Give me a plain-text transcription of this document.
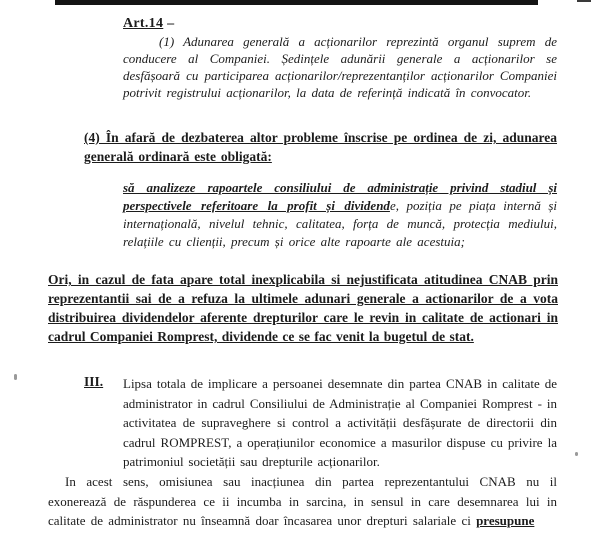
Art.14 –

(1) Adunarea generală a acționarilor reprezintă organul suprem de conducere al Companiei. Ședințele adunării generale a acționarilor se desfășoară cu participarea acționarilor/reprezentanților acționarilor Companiei potrivit registrului acționarilor, la data de referință indicată în convocator.

(4) În afară de dezbaterea altor probleme înscrise pe ordinea de zi, adunarea generală ordinară este obligată:

să analizeze rapoartele consiliului de administrație privind stadiul și perspectivele referitoare la profit și dividende, poziția pe piața internă și internațională, nivelul tehnic, calitatea, forța de muncă, protecția mediului, relațiile cu clienții, precum și orice alte rapoarte ale acestuia;

Ori, in cazul de fata apare total inexplicabila si nejustificata atitudinea CNAB prin reprezentantii sai de a refuza la ultimele adunari generale a actionarilor de a vota distribuirea dividendelor aferente drepturilor care le revin in calitate de actionari in cadrul Companiei Romprest, dividende ce se fac venit la bugetul de stat.

III. Lipsa totala de implicare a persoanei desemnate din partea CNAB in calitate de administrator in cadrul Consiliului de Administrație al Companiei Romprest - in activitatea de supraveghere si control a activității desfășurate de directorii din cadrul ROMPREST, a operațiunilor economice a masurilor dispuse cu privire la patrimoniul societății sau drepturile acționarilor.

In acest sens, omisiunea sau inacțiunea din partea reprezentantului CNAB nu il exonerează de răspunderea ce ii incumba in sarcina, in sensul in care desemnarea lui in calitate de administrator nu înseamnă doar încasarea unor drepturi salariale ci presupune
